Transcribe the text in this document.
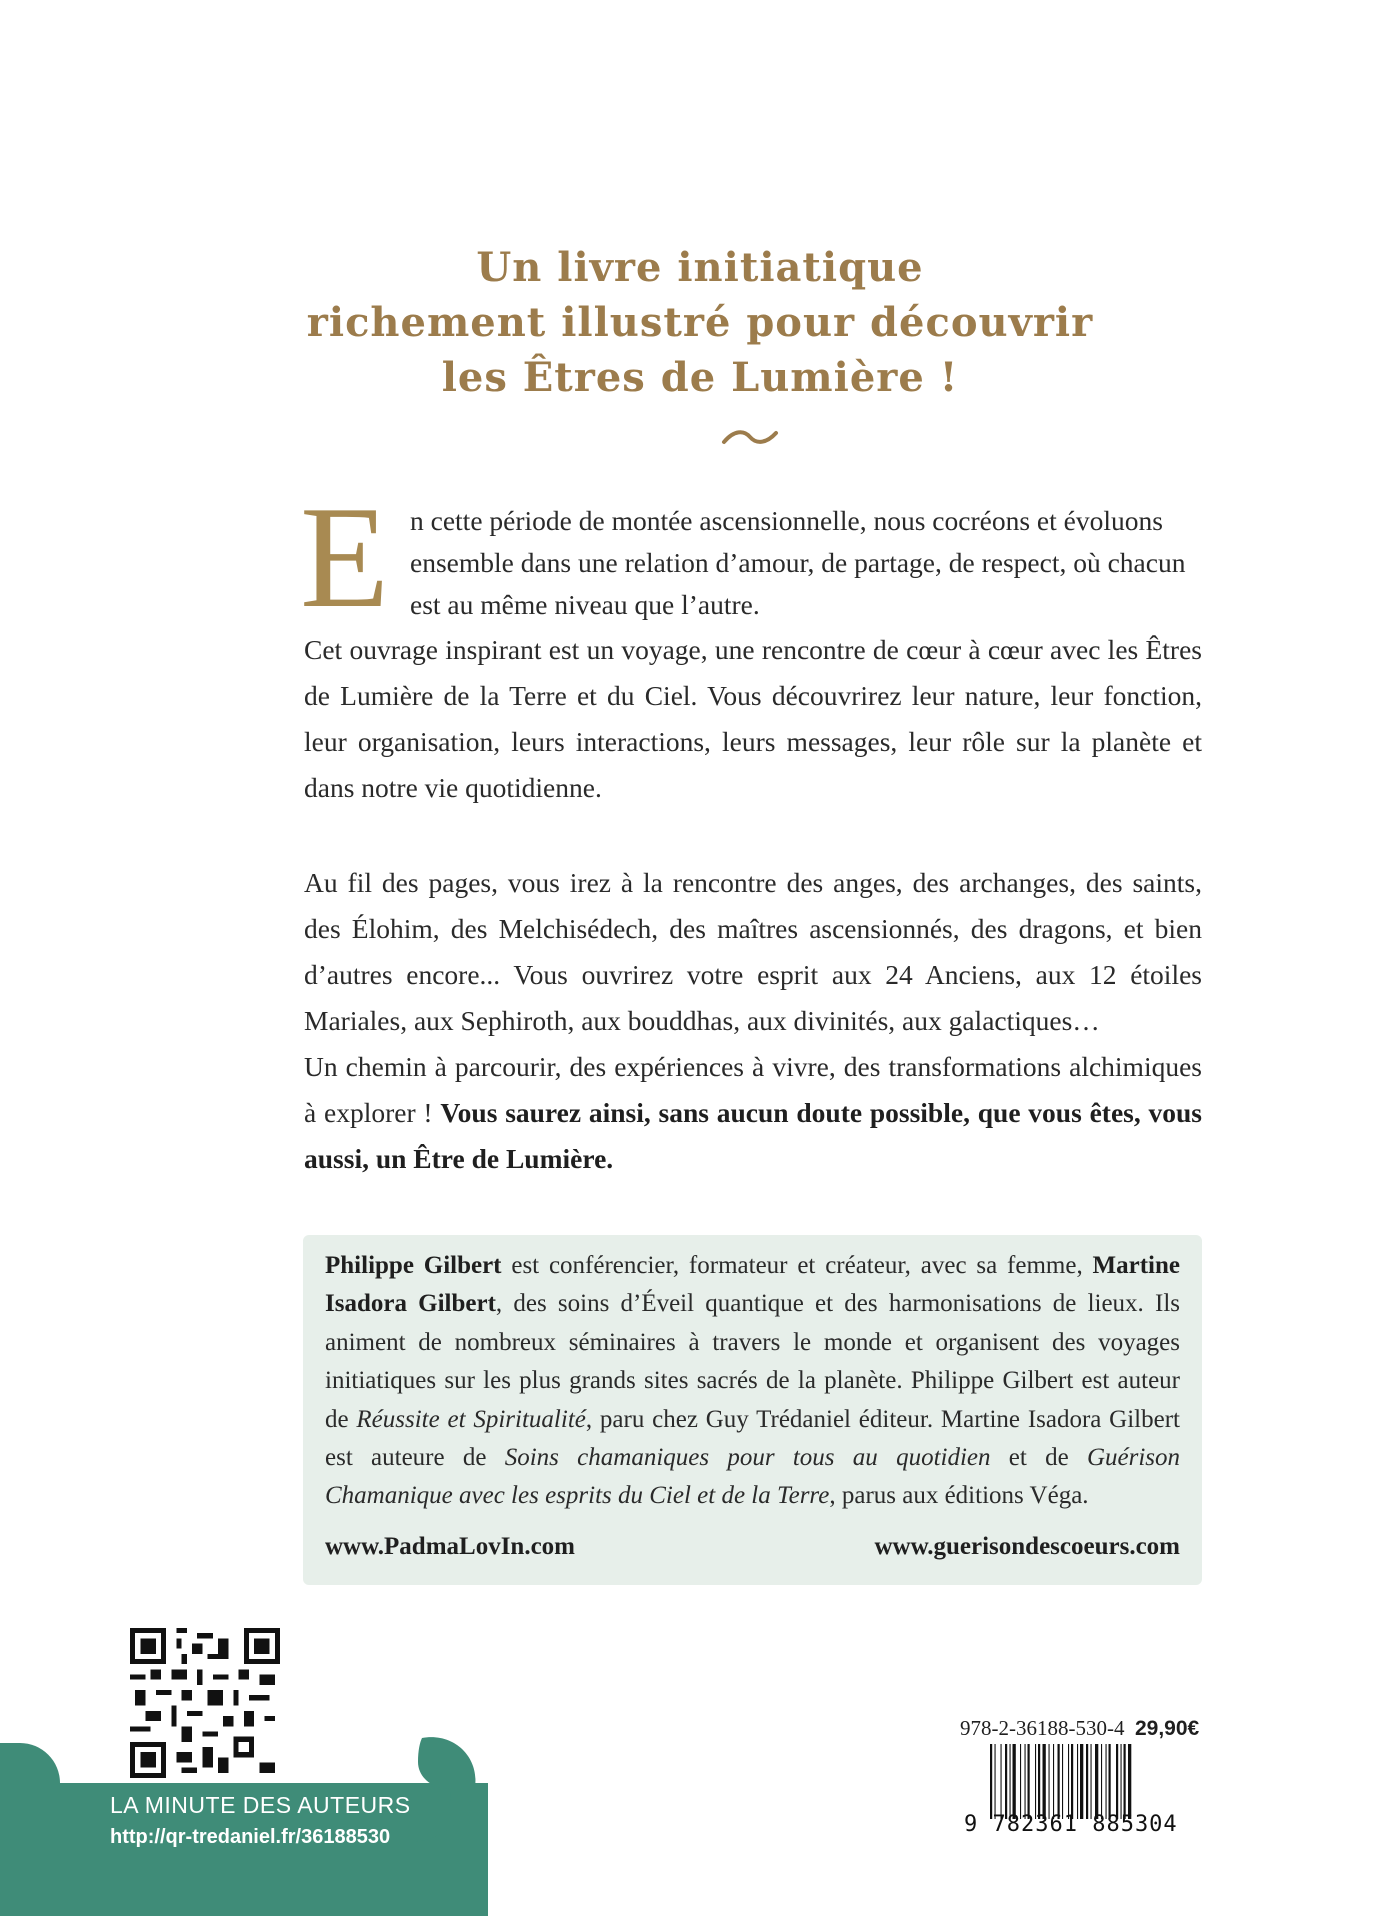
Un livre initiatique
richement illustré pour découvrir
les Êtres de Lumière !
E n cette période de montée ascensionnelle, nous cocréons et évoluons
ensemble dans une relation d’amour, de partage, de respect, où chacun
est au même niveau que l’autre.
Cet ouvrage inspirant est un voyage, une rencontre de cœur à cœur avec les Êtres de Lumière de la Terre et du Ciel. Vous découvrirez leur nature, leur fonction, leur organisation, leurs interactions, leurs messages, leur rôle sur la planète et dans notre vie quotidienne.
Au fil des pages, vous irez à la rencontre des anges, des archanges, des saints, des Élohim, des Melchisédech, des maîtres ascensionnés, des dragons, et bien d’autres encore... Vous ouvrirez votre esprit aux 24 Anciens, aux 12 étoiles Mariales, aux Sephiroth, aux bouddhas, aux divinités, aux galactiques…
Un chemin à parcourir, des expériences à vivre, des transformations alchimiques à explorer ! Vous saurez ainsi, sans aucun doute possible, que vous êtes, vous aussi, un Être de Lumière.
Philippe Gilbert est conférencier, formateur et créateur, avec sa femme, Martine Isadora Gilbert, des soins d’Éveil quantique et des harmonisations de lieux. Ils animent de nombreux séminaires à travers le monde et organisent des voyages initiatiques sur les plus grands sites sacrés de la planète. Philippe Gilbert est auteur de Réussite et Spiritualité, paru chez Guy Trédaniel éditeur. Martine Isadora Gilbert est auteure de Soins chamaniques pour tous au quotidien et de Guérison Chamanique avec les esprits du Ciel et de la Terre, parus aux éditions Véga.
www.PadmaLovIn.com	www.guerisondescoeurs.com
LA MINUTE DES AUTEURS
http://qr-tredaniel.fr/36188530
978-2-36188-530-4 29,90€
9 782361 885304
